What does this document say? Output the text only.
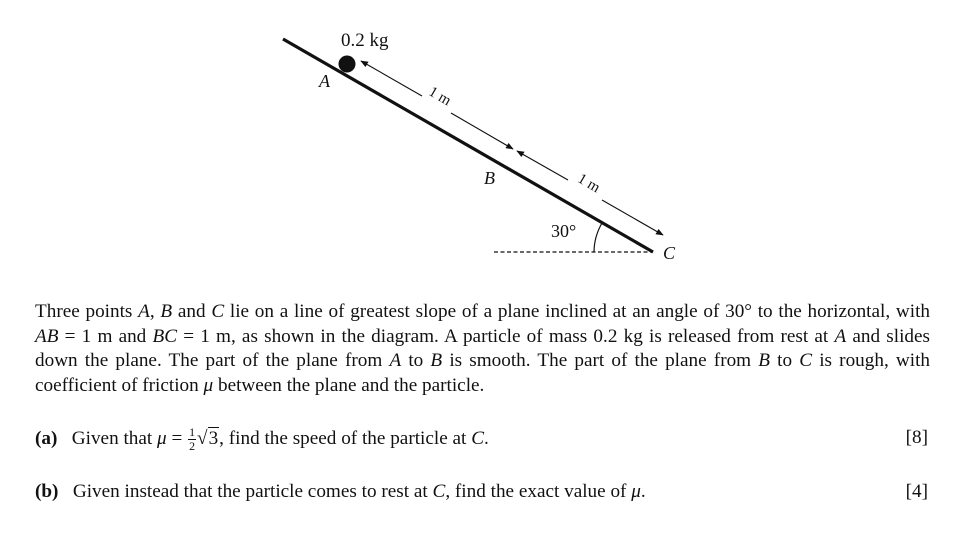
0.2 kg
A
B
C
1 m
1 m
30°
Three points A, B and C lie on a line of greatest slope of a plane inclined at an angle of 30° to the horizontal, with AB = 1 m and BC = 1 m, as shown in the diagram. A particle of mass 0.2 kg is released from rest at A and slides down the plane. The part of the plane from A to B is smooth. The part of the plane from B to C is rough, with coefficient of friction μ between the plane and the particle.
(a) Given that $\mu = \frac{1}{2} √3$, find the speed of the particle at C.	[8]
(b) Given instead that the particle comes to rest at C, find the exact value of μ.	[4]
